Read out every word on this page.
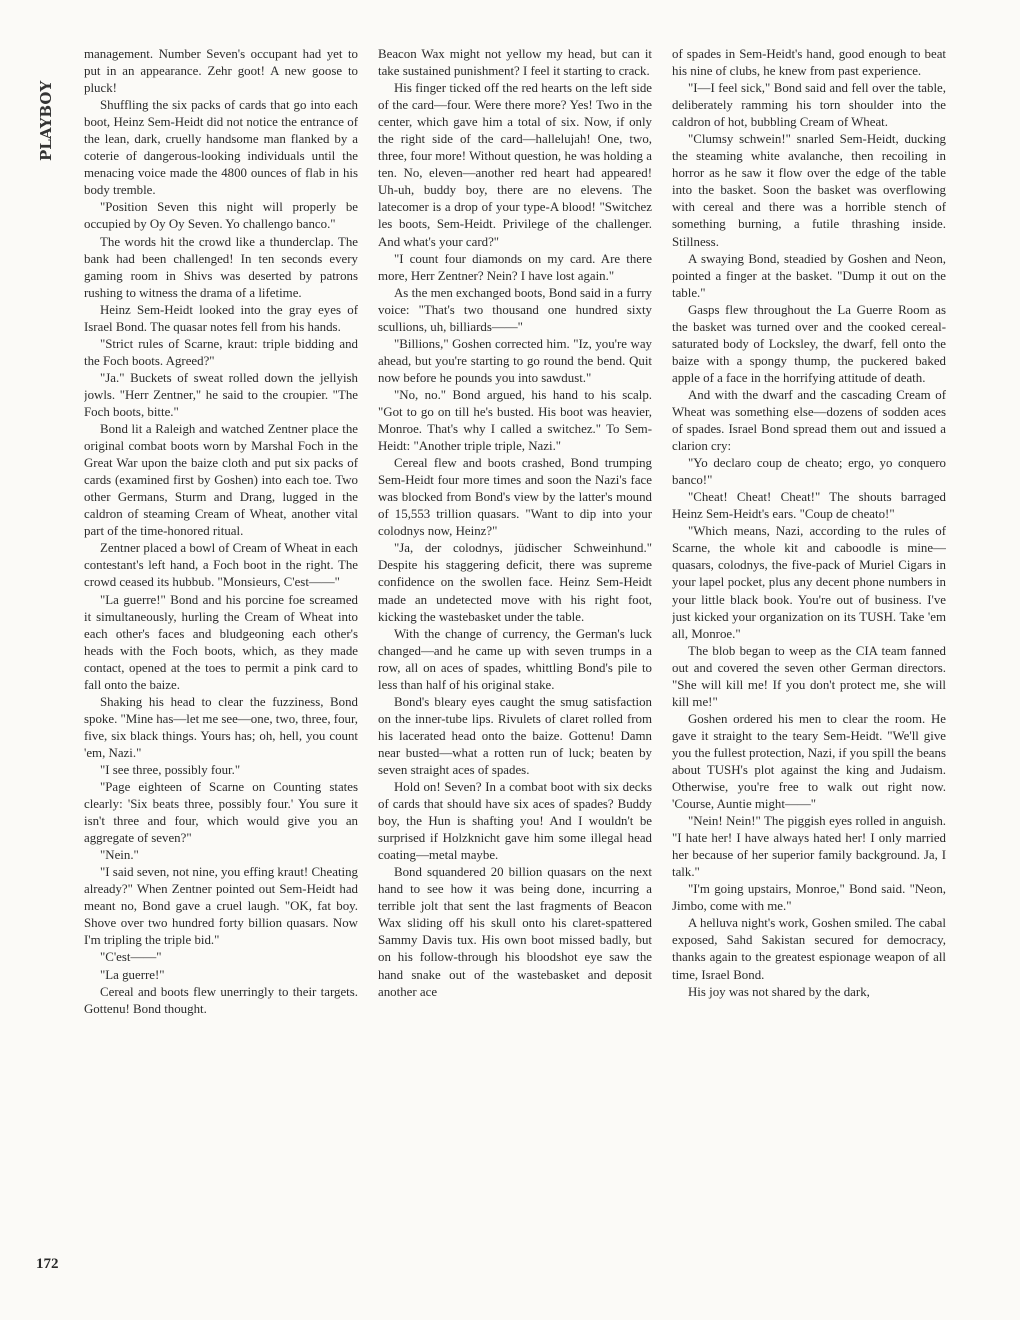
PLAYBOY

management. Number Seven's occupant had yet to put in an appearance. Zehr goot! A new goose to pluck!

Shuffling the six packs of cards that go into each boot, Heinz Sem-Heidt did not notice the entrance of the lean, dark, cruelly handsome man flanked by a coterie of dangerous-looking individuals until the menacing voice made the 4800 ounces of flab in his body tremble.

"Position Seven this night will properly be occupied by Oy Oy Seven. Yo challengo banco."

The words hit the crowd like a thunderclap. The bank had been challenged! In ten seconds every gaming room in Shivs was deserted by patrons rushing to witness the drama of a lifetime.

Heinz Sem-Heidt looked into the gray eyes of Israel Bond. The quasar notes fell from his hands.

"Strict rules of Scarne, kraut: triple bidding and the Foch boots. Agreed?"

"Ja." Buckets of sweat rolled down the jellyish jowls. "Herr Zentner," he said to the croupier. "The Foch boots, bitte."

Bond lit a Raleigh and watched Zentner place the original combat boots worn by Marshal Foch in the Great War upon the baize cloth and put six packs of cards (examined first by Goshen) into each toe. Two other Germans, Sturm and Drang, lugged in the caldron of steaming Cream of Wheat, another vital part of the time-honored ritual.

Zentner placed a bowl of Cream of Wheat in each contestant's left hand, a Foch boot in the right. The crowd ceased its hubbub. "Monsieurs, C'est——"

"La guerre!" Bond and his porcine foe screamed it simultaneously, hurling the Cream of Wheat into each other's faces and bludgeoning each other's heads with the Foch boots, which, as they made contact, opened at the toes to permit a pink card to fall onto the baize.

Shaking his head to clear the fuzziness, Bond spoke. "Mine has—let me see—one, two, three, four, five, six black things. Yours has; oh, hell, you count 'em, Nazi."

"I see three, possibly four."

"Page eighteen of Scarne on Counting states clearly: 'Six beats three, possibly four.' You sure it isn't three and four, which would give you an aggregate of seven?"

"Nein."

"I said seven, not nine, you effing kraut! Cheating already?" When Zentner pointed out Sem-Heidt had meant no, Bond gave a cruel laugh. "OK, fat boy. Shove over two hundred forty billion quasars. Now I'm tripling the triple bid."

"C'est——"

"La guerre!"

Cereal and boots flew unerringly to their targets. Gottenu! Bond thought.

Beacon Wax might not yellow my head, but can it take sustained punishment? I feel it starting to crack.

His finger ticked off the red hearts on the left side of the card—four. Were there more? Yes! Two in the center, which gave him a total of six. Now, if only the right side of the card—hallelujah! One, two, three, four more! Without question, he was holding a ten. No, eleven—another red heart had appeared! Uh-uh, buddy boy, there are no elevens. The latecomer is a drop of your type-A blood! "Switchez les boots, Sem-Heidt. Privilege of the challenger. And what's your card?"

"I count four diamonds on my card. Are there more, Herr Zentner? Nein? I have lost again."

As the men exchanged boots, Bond said in a furry voice: "That's two thousand one hundred sixty scullions, uh, billiards——"

"Billions," Goshen corrected him. "Iz, you're way ahead, but you're starting to go round the bend. Quit now before he pounds you into sawdust."

"No, no." Bond argued, his hand to his scalp. "Got to go on till he's busted. His boot was heavier, Monroe. That's why I called a switchez." To Sem-Heidt: "Another triple triple, Nazi."

Cereal flew and boots crashed, Bond trumping Sem-Heidt four more times and soon the Nazi's face was blocked from Bond's view by the latter's mound of 15,553 trillion quasars. "Want to dip into your colodnys now, Heinz?"

"Ja, der colodnys, jüdischer Schweinhund." Despite his staggering deficit, there was supreme confidence on the swollen face. Heinz Sem-Heidt made an undetected move with his right foot, kicking the wastebasket under the table.

With the change of currency, the German's luck changed—and he came up with seven trumps in a row, all on aces of spades, whittling Bond's pile to less than half of his original stake.

Bond's bleary eyes caught the smug satisfaction on the inner-tube lips. Rivulets of claret rolled from his lacerated head onto the baize. Gottenu! Damn near busted—what a rotten run of luck; beaten by seven straight aces of spades.

Hold on! Seven? In a combat boot with six decks of cards that should have six aces of spades? Buddy boy, the Hun is shafting you! And I wouldn't be surprised if Holzknicht gave him some illegal head coating—metal maybe.

Bond squandered 20 billion quasars on the next hand to see how it was being done, incurring a terrible jolt that sent the last fragments of Beacon Wax sliding off his skull onto his claret-spattered Sammy Davis tux. His own boot missed badly, but on his follow-through his bloodshot eye saw the hand snake out of the wastebasket and deposit another ace

of spades in Sem-Heidt's hand, good enough to beat his nine of clubs, he knew from past experience.

"I—I feel sick," Bond said and fell over the table, deliberately ramming his torn shoulder into the caldron of hot, bubbling Cream of Wheat.

"Clumsy schwein!" snarled Sem-Heidt, ducking the steaming white avalanche, then recoiling in horror as he saw it flow over the edge of the table into the basket. Soon the basket was overflowing with cereal and there was a horrible stench of something burning, a futile thrashing inside. Stillness.

A swaying Bond, steadied by Goshen and Neon, pointed a finger at the basket. "Dump it out on the table."

Gasps flew throughout the La Guerre Room as the basket was turned over and the cooked cereal-saturated body of Locksley, the dwarf, fell onto the baize with a spongy thump, the puckered baked apple of a face in the horrifying attitude of death.

And with the dwarf and the cascading Cream of Wheat was something else—dozens of sodden aces of spades. Israel Bond spread them out and issued a clarion cry:

"Yo declaro coup de cheato; ergo, yo conquero banco!"

"Cheat! Cheat! Cheat!" The shouts barraged Heinz Sem-Heidt's ears. "Coup de cheato!"

"Which means, Nazi, according to the rules of Scarne, the whole kit and caboodle is mine—quasars, colodnys, the five-pack of Muriel Cigars in your lapel pocket, plus any decent phone numbers in your little black book. You're out of business. I've just kicked your organization on its TUSH. Take 'em all, Monroe."

The blob began to weep as the CIA team fanned out and covered the seven other German directors. "She will kill me! If you don't protect me, she will kill me!"

Goshen ordered his men to clear the room. He gave it straight to the teary Sem-Heidt. "We'll give you the fullest protection, Nazi, if you spill the beans about TUSH's plot against the king and Judaism. Otherwise, you're free to walk out right now. 'Course, Auntie might——"

"Nein! Nein!" The piggish eyes rolled in anguish. "I hate her! I have always hated her! I only married her because of her superior family background. Ja, I talk."

"I'm going upstairs, Monroe," Bond said. "Neon, Jimbo, come with me."

A helluva night's work, Goshen smiled. The cabal exposed, Sahd Sakistan secured for democracy, thanks again to the greatest espionage weapon of all time, Israel Bond.

His joy was not shared by the dark,

172
